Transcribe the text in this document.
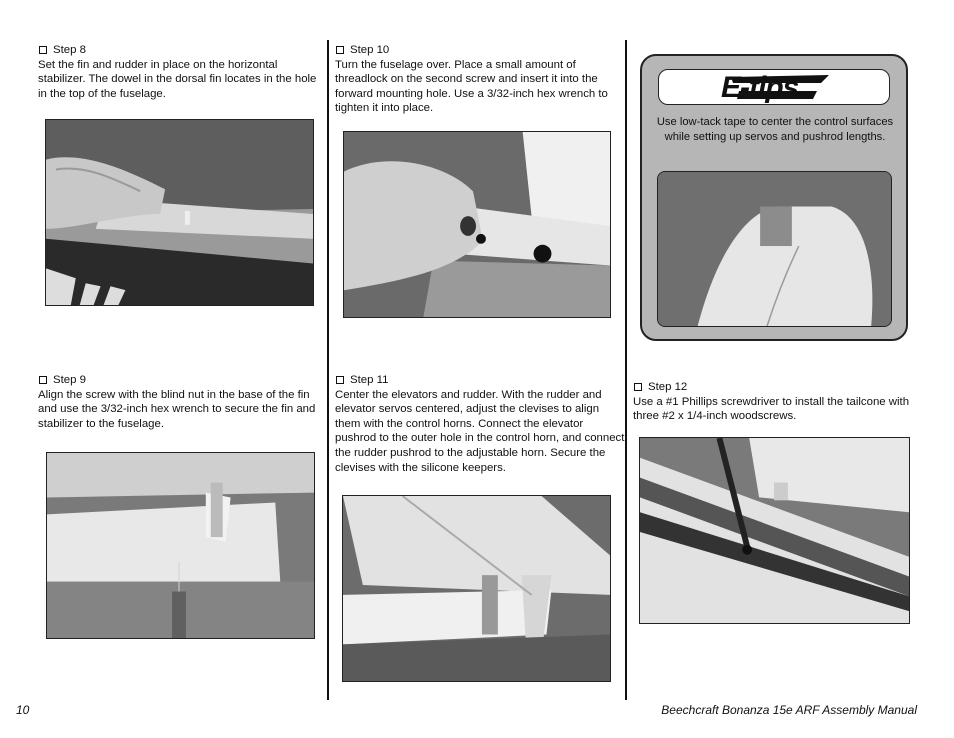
Step 8
Set the fin and rudder in place on the horizontal stabilizer. The dowel in the dorsal fin locates in the hole in the top of the fuselage.
Step 9
Align the screw with the blind nut in the base of the fin and use the 3/32-inch hex wrench to secure the fin and stabilizer to the fuselage.
Step 10
Turn the fuselage over. Place a small amount of threadlock on the second screw and insert it into the forward mounting hole. Use a 3/32-inch hex wrench to tighten it into place.
Step 11
Center the elevators and rudder. With the rudder and elevator servos centered, adjust the clevises to align them with the control horns. Connect the elevator pushrod to the outer hole in the control horn, and connect the rudder pushrod to the adjustable horn. Secure the clevises with the silicone keepers.
E-tips
Use low-tack tape to center the control surfaces while setting up servos and pushrod lengths.
Step 12
Use a #1 Phillips screwdriver to install the tailcone with three #2 x 1/4-inch woodscrews.
10	Beechcraft Bonanza 15e ARF Assembly Manual
